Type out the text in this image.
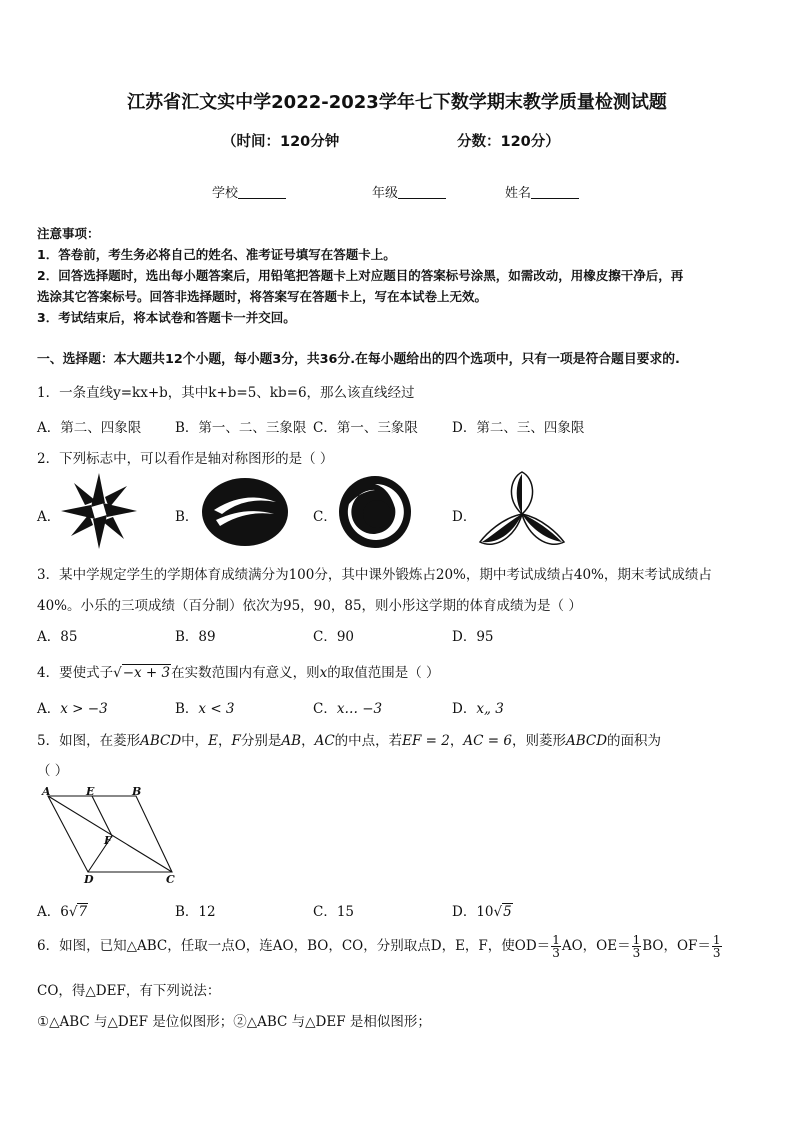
江苏省汇文实中学2022-2023学年七下数学期末教学质量检测试题
（时间：120分钟	分数：120分）
学校	年级	姓名
注意事项：
1．答卷前，考生务必将自己的姓名、准考证号填写在答题卡上。
2．回答选择题时，选出每小题答案后，用铅笔把答题卡上对应题目的答案标号涂黑，如需改动，用橡皮擦干净后，再
选涂其它答案标号。回答非选择题时，将答案写在答题卡上，写在本试卷上无效。
3．考试结束后，将本试卷和答题卡一并交回。
一、选择题：本大题共12个小题，每小题3分，共36分.在每小题给出的四个选项中，只有一项是符合题目要求的.
1．一条直线y=kx+b，其中k+b=5、kb=6，那么该直线经过
A．第二、四象限	B．第一、二、三象限 C．第一、三象限	D．第二、三、四象限
2．下列标志中，可以看作是轴对称图形的是（ ）
A．	B．	C．	D．
3．某中学规定学生的学期体育成绩满分为100分，其中课外锻炼占20%，期中考试成绩占40%，期末考试成绩占
40%。小乐的三项成绩（百分制）依次为95，90，85，则小彤这学期的体育成绩为是（ ）
A．85	B．89	C．90	D．95
4．要使式子√−x + 3在实数范围内有意义，则x的取值范围是（ ）
A．x > −3	B．x < 3	C．x… −3	D．x„ 3
5．如图，在菱形ABCD中，E，F分别是AB，AC的中点，若EF = 2，AC = 6，则菱形ABCD的面积为
（ ）
A	E	B
F
D	C
A．6√7	B．12	C．15	D．10√5
6．如图，已知△ABC，任取一点O，连AO，BO，CO，分别取点D，E，F，使$OD= \frac{1}{3}$ AO，$OE= \frac{1}{3}$ BO，$OF= \frac{1}{3}$
CO，得△DEF，有下列说法：
①△ABC 与△DEF 是位似图形；②△ABC 与△DEF 是相似图形；
